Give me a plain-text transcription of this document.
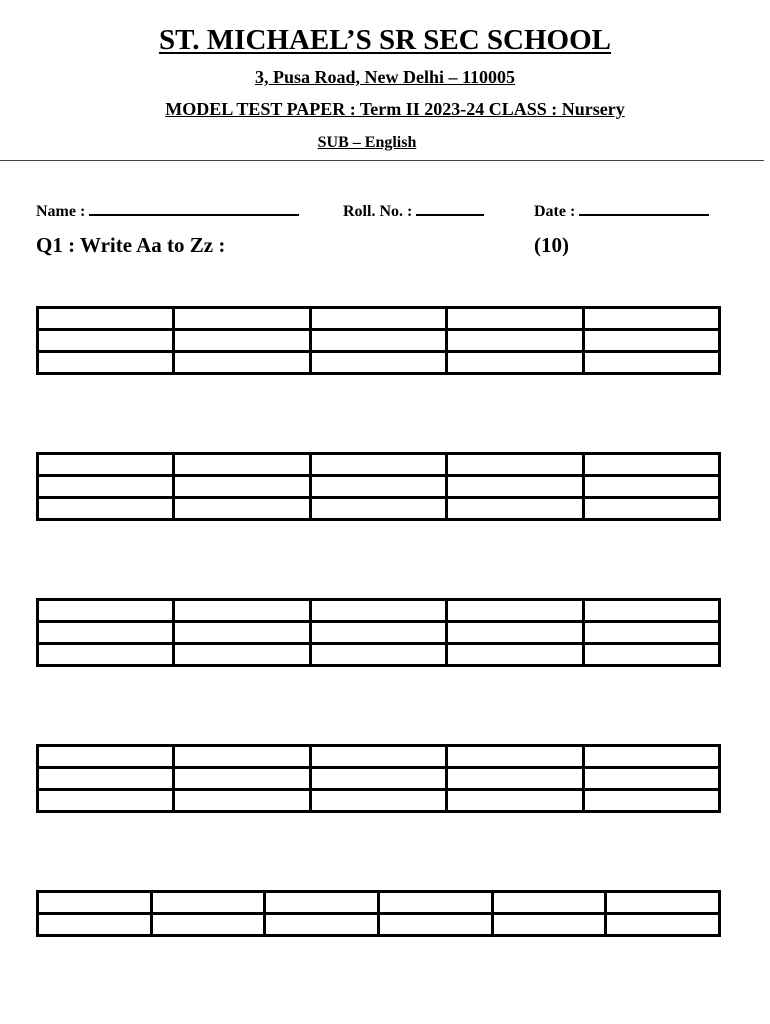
ST. MICHAEL’S SR SEC SCHOOL
3, Pusa Road, New Delhi – 110005
MODEL TEST PAPER : Term II 2023-24 CLASS : Nursery
SUB – English
Name :	Roll. No. :	Date :
Q1 : Write Aa to Zz :	(10)
